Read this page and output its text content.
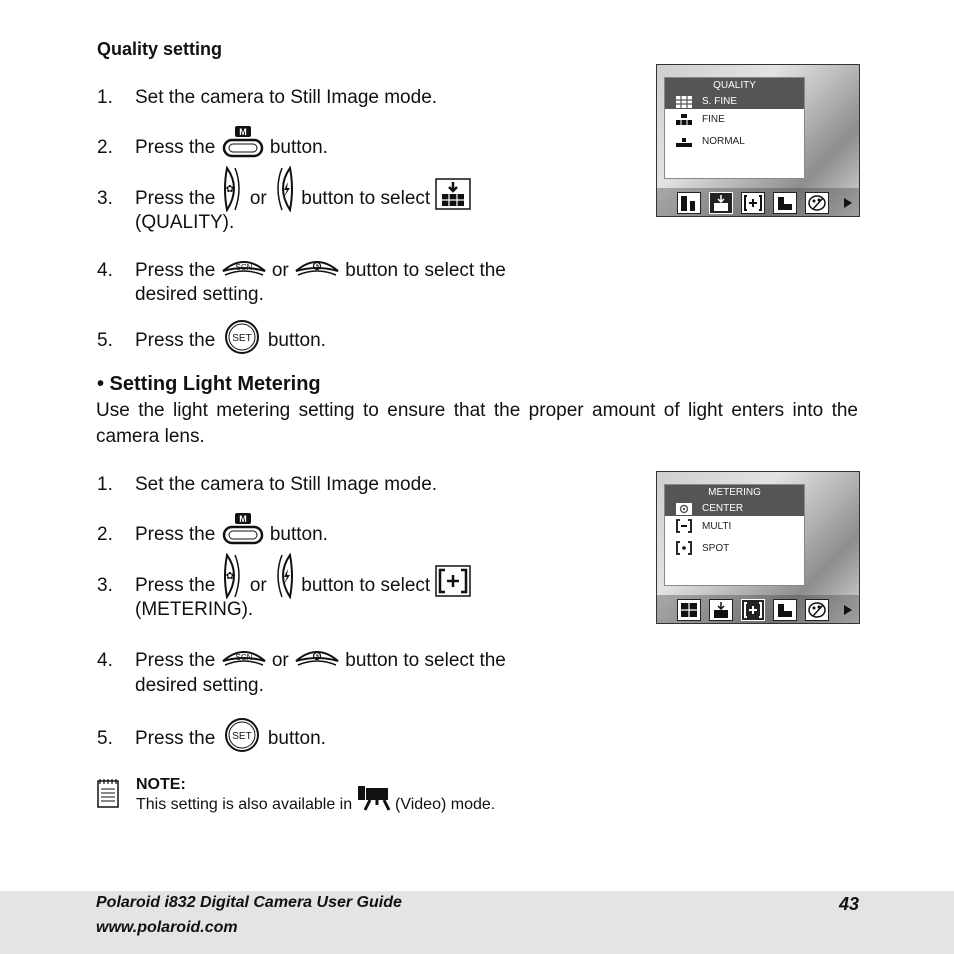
Quality setting
1. Set the camera to Still Image mode.
2. Press the
M
button.
3. Press the ✿ or button to select
(QUALITY).
4. Press the SCN or	button to select the
desired setting.
5. Press the SET button.
QUALITY
S. FINE
FINE
NORMAL
• Setting Light Metering
Use the light metering setting to ensure that the proper amount of light enters into the camera lens.
1. Set the camera to Still Image mode.
2. Press the
M
button.
3. Press the ✿ or button to select
(METERING).
4. Press the SCN or	button to select the
desired setting.
5. Press the SET button.
METERING
CENTER
MULTI
SPOT
NOTE:
This setting is also available in	(Video) mode.
Polaroid i832 Digital Camera User Guide
www.polaroid.com
43
